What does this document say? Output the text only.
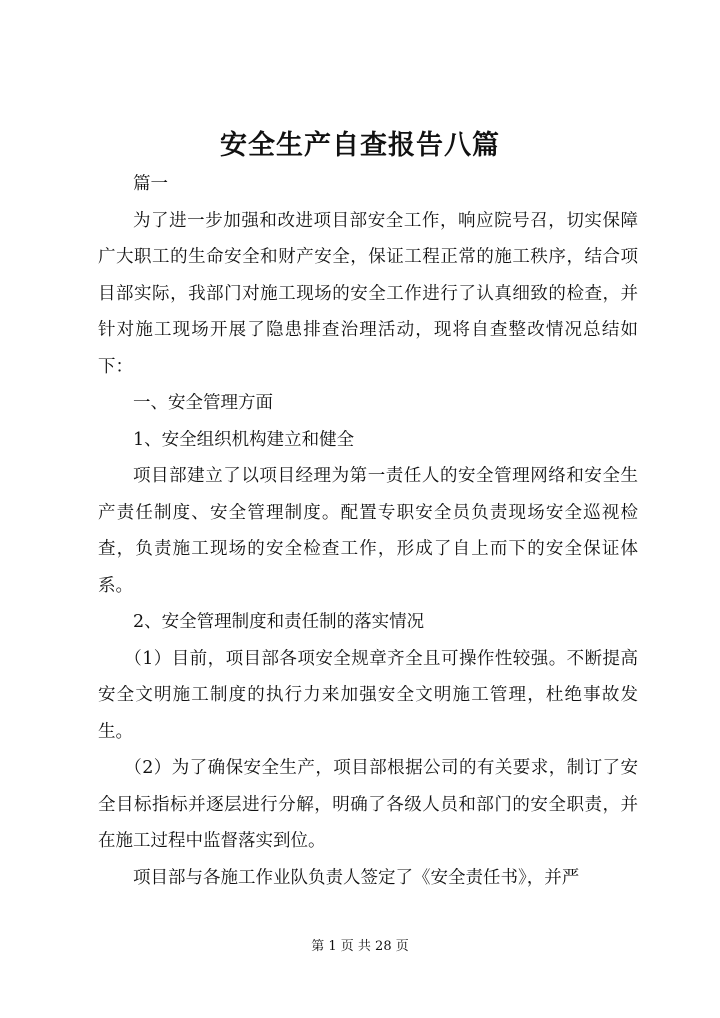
安全生产自查报告八篇

篇一

为了进一步加强和改进项目部安全工作，响应院号召，切实保障广大职工的生命安全和财产安全，保证工程正常的施工秩序，结合项目部实际，我部门对施工现场的安全工作进行了认真细致的检查，并针对施工现场开展了隐患排查治理活动，现将自查整改情况总结如下：

一、安全管理方面

1、安全组织机构建立和健全

项目部建立了以项目经理为第一责任人的安全管理网络和安全生产责任制度、安全管理制度。配置专职安全员负责现场安全巡视检查，负责施工现场的安全检查工作，形成了自上而下的安全保证体系。

2、安全管理制度和责任制的落实情况

（1）目前，项目部各项安全规章齐全且可操作性较强。不断提高安全文明施工制度的执行力来加强安全文明施工管理，杜绝事故发生。

（2）为了确保安全生产，项目部根据公司的有关要求，制订了安全目标指标并逐层进行分解，明确了各级人员和部门的安全职责，并在施工过程中监督落实到位。

项目部与各施工作业队负责人签定了《安全责任书》，并严

第 1 页 共 28 页
